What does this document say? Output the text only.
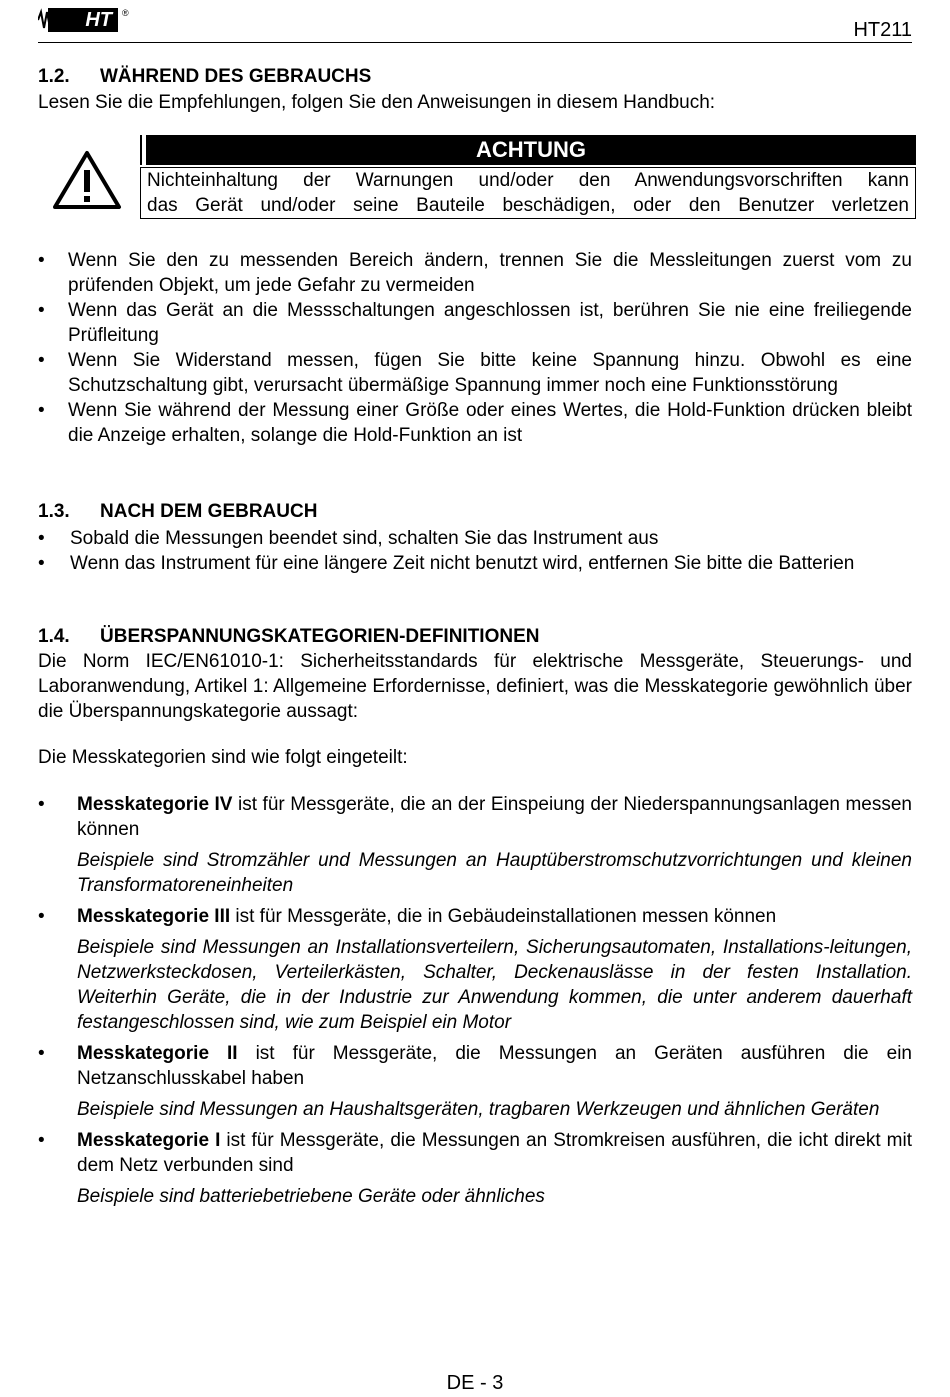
HT	®
HT211
1.2. WÄHREND DES GEBRAUCHS

Lesen Sie die Empfehlungen, folgen Sie den Anweisungen in diesem Handbuch:

ACHTUNG
Nichteinhaltung der Warnungen und/oder den Anwendungsvorschriften kann
das Gerät und/oder seine Bauteile beschädigen, oder den Benutzer verletzen
• Wenn Sie den zu messenden Bereich ändern, trennen Sie die Messleitungen zuerst vom zu prüfenden Objekt, um jede Gefahr zu vermeiden
• Wenn das Gerät an die Messschaltungen angeschlossen ist, berühren Sie nie eine freiliegende Prüfleitung
• Wenn Sie Widerstand messen, fügen Sie bitte keine Spannung hinzu. Obwohl es eine Schutzschaltung gibt, verursacht übermäßige Spannung immer noch eine Funktionsstörung
• Wenn Sie während der Messung einer Größe oder eines Wertes, die Hold-Funktion drücken bleibt die Anzeige erhalten, solange die Hold-Funktion an ist
1.3. NACH DEM GEBRAUCH
• Sobald die Messungen beendet sind, schalten Sie das Instrument aus
• Wenn das Instrument für eine längere Zeit nicht benutzt wird, entfernen Sie bitte die Batterien
1.4. ÜBERSPANNUNGSKATEGORIEN-DEFINITIONEN

Die Norm IEC/EN61010-1: Sicherheitsstandards für elektrische Messgeräte, Steuerungs- und Laboranwendung, Artikel 1: Allgemeine Erfordernisse, definiert, was die Messkategorie gewöhnlich über die Überspannungskategorie aussagt:

Die Messkategorien sind wie folgt eingeteilt:

• Messkategorie IV ist für Messgeräte, die an der Einspeiung der Niederspannungsanlagen messen können
Beispiele sind Stromzähler und Messungen an Hauptüberstromschutzvorrichtungen und kleinen Transformatoreneinheiten
• Messkategorie III ist für Messgeräte, die in Gebäudeinstallationen messen können
Beispiele sind Messungen an Installationsverteilern, Sicherungsautomaten, Installations-leitungen, Netzwerksteckdosen, Verteilerkästen, Schalter, Deckenauslässe in der festen Installation. Weiterhin Geräte, die in der Industrie zur Anwendung kommen, die unter anderem dauerhaft festangeschlossen sind, wie zum Beispiel ein Motor
• Messkategorie II ist für Messgeräte, die Messungen an Geräten ausführen die ein Netzanschlusskabel haben
Beispiele sind Messungen an Haushaltsgeräten, tragbaren Werkzeugen und ähnlichen Geräten
• Messkategorie I ist für Messgeräte, die Messungen an Stromkreisen ausführen, die icht direkt mit dem Netz verbunden sind
Beispiele sind batteriebetriebene Geräte oder ähnliches
DE - 3
